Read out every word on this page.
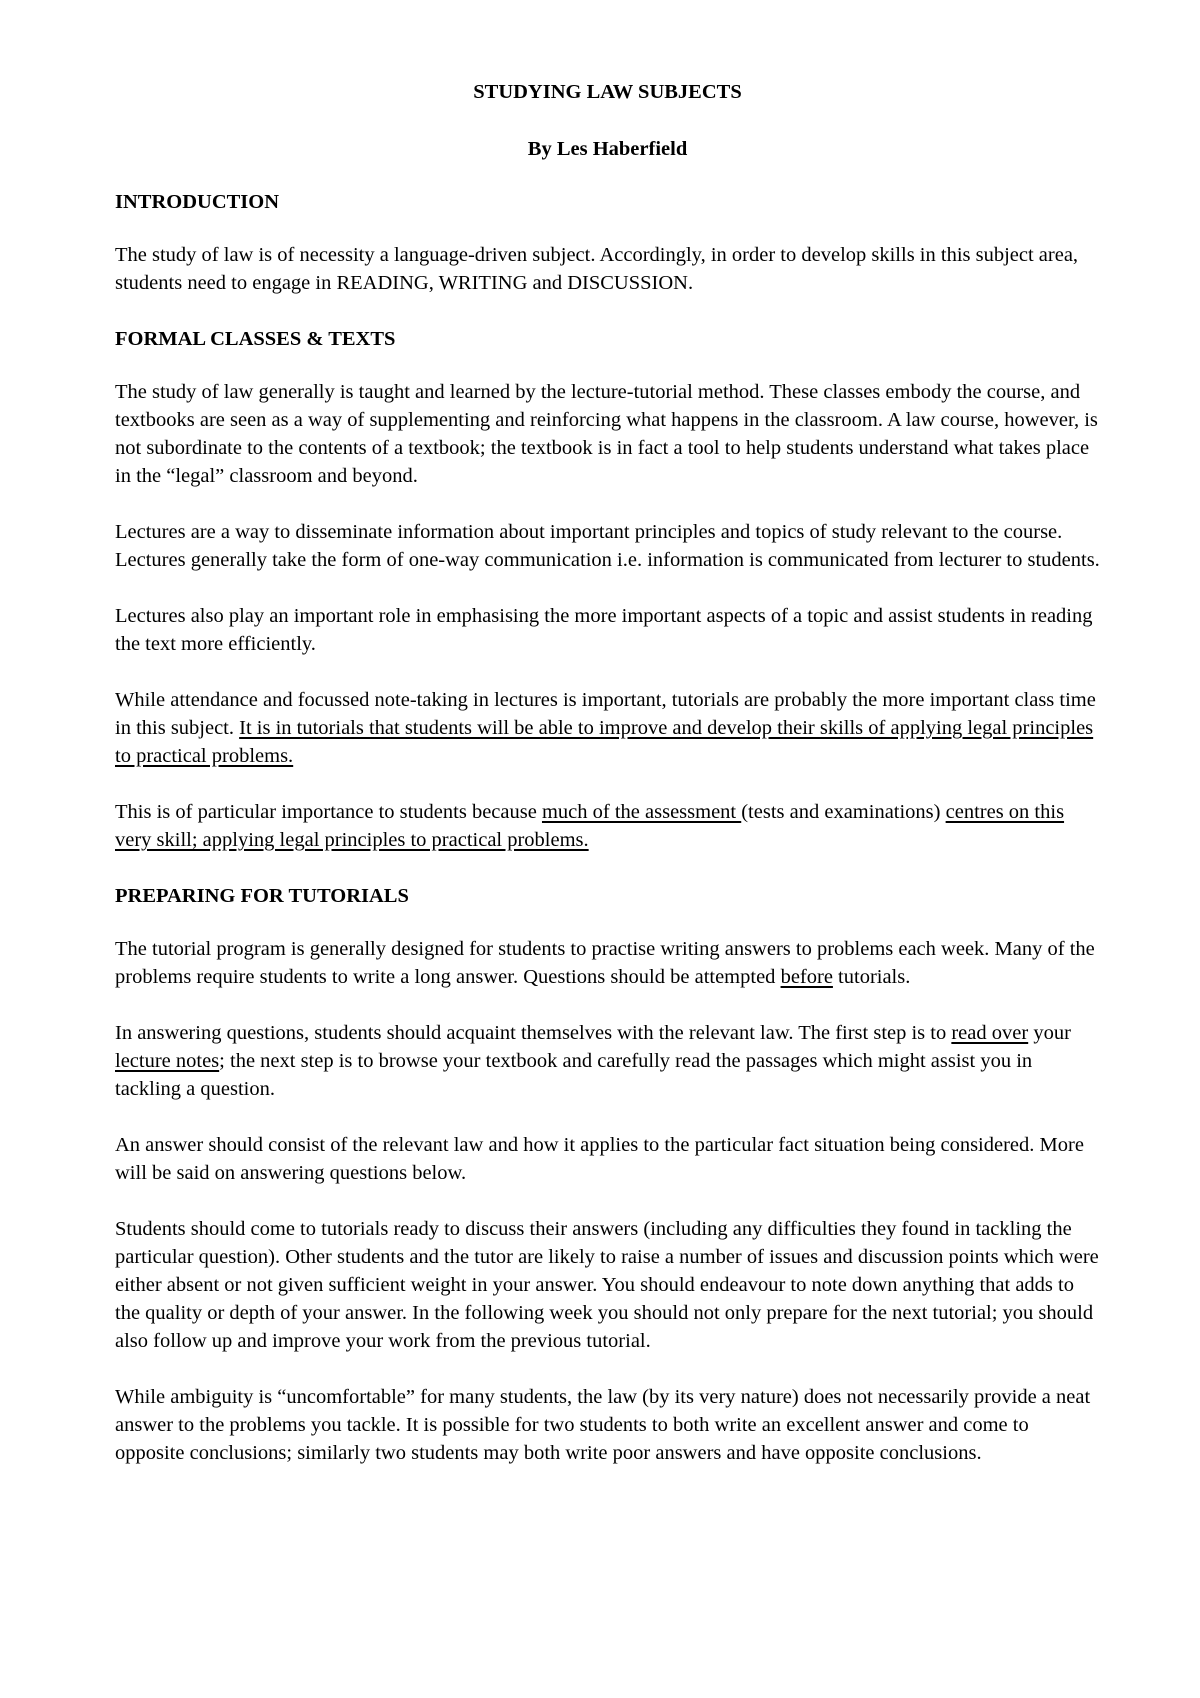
STUDYING LAW SUBJECTS

By Les Haberfield

INTRODUCTION

The study of law is of necessity a language-driven subject. Accordingly, in order to develop skills in this subject area, students need to engage in READING, WRITING and DISCUSSION.

FORMAL CLASSES & TEXTS

The study of law generally is taught and learned by the lecture-tutorial method. These classes embody the course, and textbooks are seen as a way of supplementing and reinforcing what happens in the classroom. A law course, however, is not subordinate to the contents of a textbook; the textbook is in fact a tool to help students understand what takes place in the “legal” classroom and beyond.

Lectures are a way to disseminate information about important principles and topics of study relevant to the course. Lectures generally take the form of one-way communication i.e. information is communicated from lecturer to students.

Lectures also play an important role in emphasising the more important aspects of a topic and assist students in reading the text more efficiently.

While attendance and focussed note-taking in lectures is important, tutorials are probably the more important class time in this subject. It is in tutorials that students will be able to improve and develop their skills of applying legal principles to practical problems.

This is of particular importance to students because much of the assessment (tests and examinations) centres on this very skill; applying legal principles to practical problems.

PREPARING FOR TUTORIALS

The tutorial program is generally designed for students to practise writing answers to problems each week. Many of the problems require students to write a long answer. Questions should be attempted before tutorials.

In answering questions, students should acquaint themselves with the relevant law. The first step is to read over your lecture notes; the next step is to browse your textbook and carefully read the passages which might assist you in tackling a question.

An answer should consist of the relevant law and how it applies to the particular fact situation being considered. More will be said on answering questions below.

Students should come to tutorials ready to discuss their answers (including any difficulties they found in tackling the particular question). Other students and the tutor are likely to raise a number of issues and discussion points which were either absent or not given sufficient weight in your answer. You should endeavour to note down anything that adds to the quality or depth of your answer. In the following week you should not only prepare for the next tutorial; you should also follow up and improve your work from the previous tutorial.

While ambiguity is “uncomfortable” for many students, the law (by its very nature) does not necessarily provide a neat answer to the problems you tackle. It is possible for two students to both write an excellent answer and come to opposite conclusions; similarly two students may both write poor answers and have opposite conclusions.
